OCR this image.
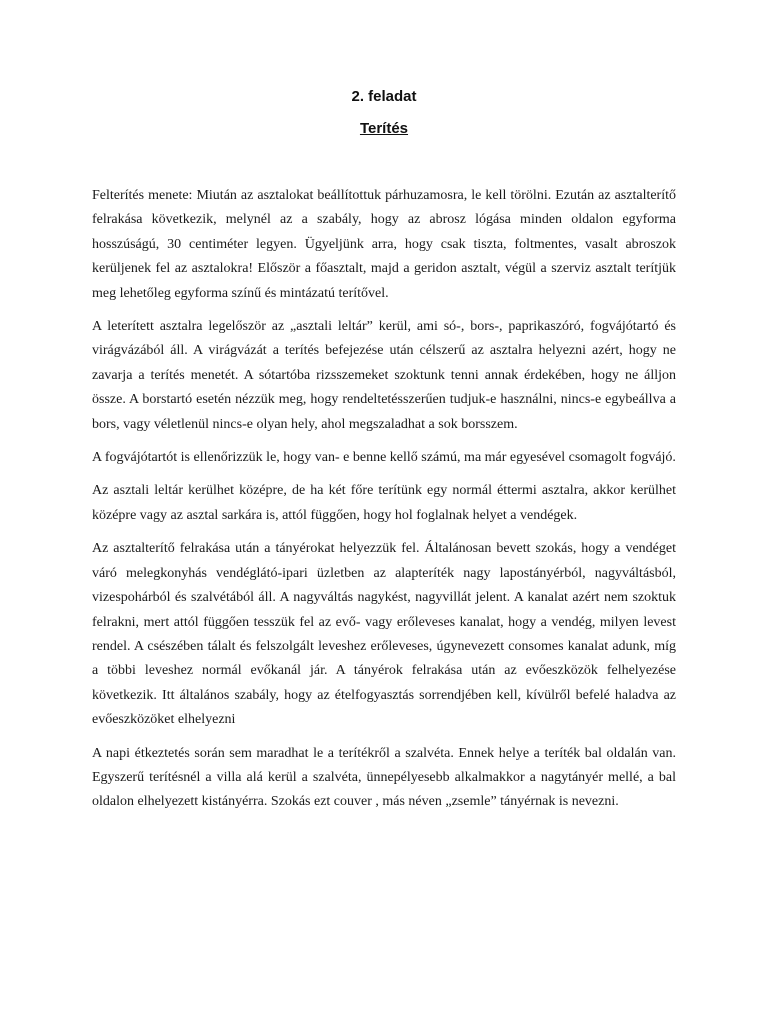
2. feladat
Terítés

Felterítés menete: Miután az asztalokat beállítottuk párhuzamosra, le kell törölni. Ezután az asztalterítő felrakása következik, melynél az a szabály, hogy az abrosz lógása minden oldalon egyforma hosszúságú, 30 centiméter legyen. Ügyeljünk arra, hogy csak tiszta, foltmentes, vasalt abroszok kerüljenek fel az asztalokra! Először a főasztalt, majd a geridon asztalt, végül a szerviz asztalt terítjük meg lehetőleg egyforma színű és mintázatú terítővel.

A leterített asztalra legelőször az „asztali leltár” kerül, ami só-, bors-, paprikaszóró, fogvájótartó és virágvázából áll. A virágvázát a terítés befejezése után célszerű az asztalra helyezni azért, hogy ne zavarja a terítés menetét. A sótartóba rizsszemeket szoktunk tenni annak érdekében, hogy ne álljon össze. A borstartó esetén nézzük meg, hogy rendeltetésszerűen tudjuk-e használni, nincs-e egybeállva a bors, vagy véletlenül nincs-e olyan hely, ahol megszaladhat a sok borsszem.

A fogvájótartót is ellenőrizzük le, hogy van- e benne kellő számú, ma már egyesével csomagolt fogvájó.

Az asztali leltár kerülhet középre, de ha két főre terítünk egy normál éttermi asztalra, akkor kerülhet középre vagy az asztal sarkára is, attól függően, hogy hol foglalnak helyet a vendégek.

Az asztalterítő felrakása után a tányérokat helyezzük fel. Általánosan bevett szokás, hogy a vendéget váró melegkonyhás vendéglátó-ipari üzletben az alapteríték nagy lapostányérból, nagyváltásból, vizespohárból és szalvétából áll. A nagyváltás nagykést, nagyvillát jelent. A kanalat azért nem szoktuk felrakni, mert attól függően tesszük fel az evő- vagy erőleveses kanalat, hogy a vendég, milyen levest rendel. A csészében tálalt és felszolgált leveshez erőleveses, úgynevezett consomes kanalat adunk, míg a többi leveshez normál evőkanál jár. A tányérok felrakása után az evőeszközök felhelyezése következik. Itt általános szabály, hogy az ételfogyasztás sorrendjében kell, kívülről befelé haladva az evőeszközöket elhelyezni

A napi étkeztetés során sem maradhat le a terítékről a szalvéta. Ennek helye a teríték bal oldalán van. Egyszerű terítésnél a villa alá kerül a szalvéta, ünnepélyesebb alkalmakkor a nagytányér mellé, a bal oldalon elhelyezett kistányérra. Szokás ezt couver , más néven „zsemle” tányérnak is nevezni.
